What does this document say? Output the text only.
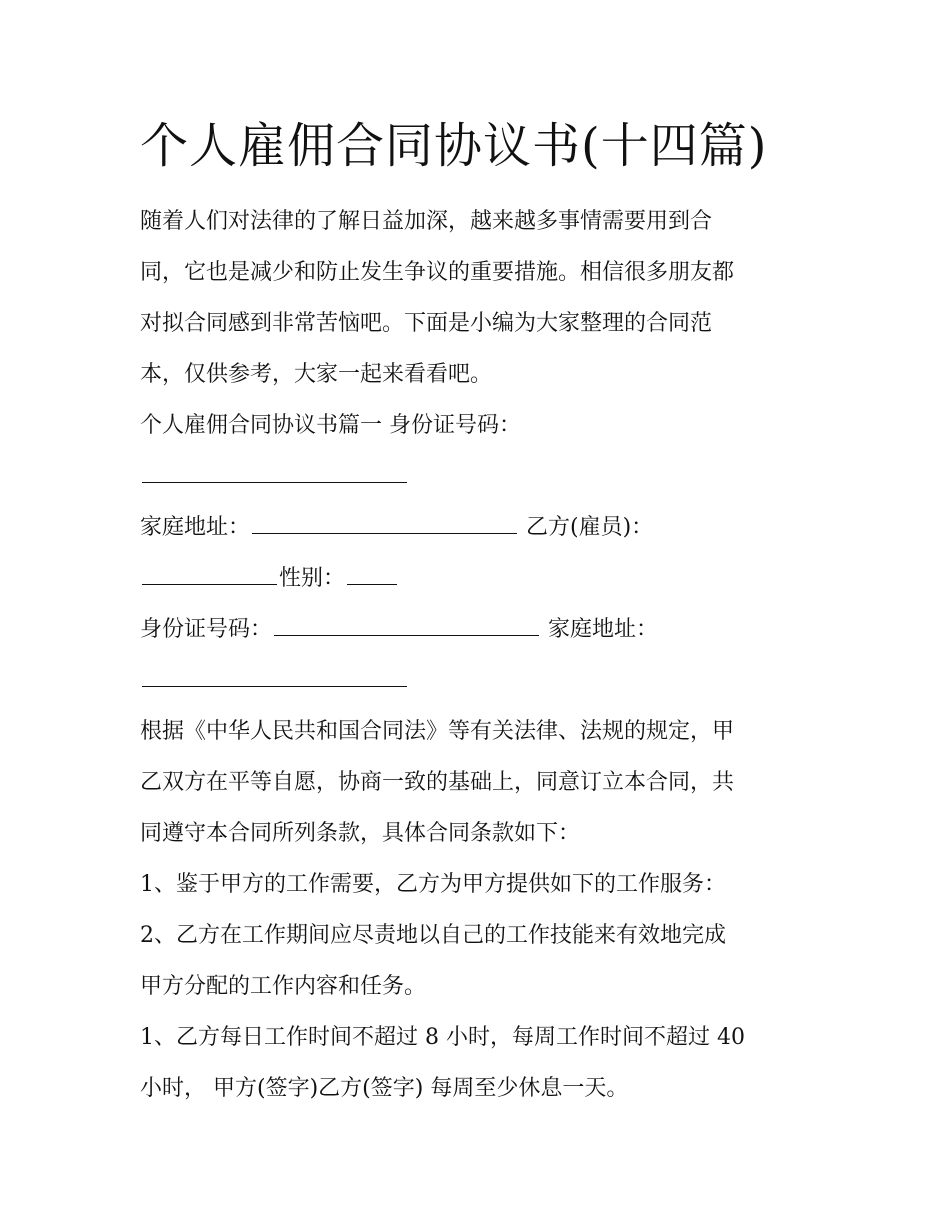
个人雇佣合同协议书(十四篇)

随着人们对法律的了解日益加深，越来越多事情需要用到合

同，它也是减少和防止发生争议的重要措施。相信很多朋友都

对拟合同感到非常苦恼吧。下面是小编为大家整理的合同范

本，仅供参考，大家一起来看看吧。

个人雇佣合同协议书篇一 身份证号码：

家庭地址：	乙方(雇员)：

性别：

身份证号码：	家庭地址：

根据《中华人民共和国合同法》等有关法律、法规的规定，甲

乙双方在平等自愿，协商一致的基础上，同意订立本合同，共

同遵守本合同所列条款，具体合同条款如下：

1、鉴于甲方的工作需要，乙方为甲方提供如下的工作服务：

2、乙方在工作期间应尽责地以自己的工作技能来有效地完成

甲方分配的工作内容和任务。

1、乙方每日工作时间不超过 8 小时，每周工作时间不超过 40

小时， 甲方(签字)乙方(签字) 每周至少休息一天。
